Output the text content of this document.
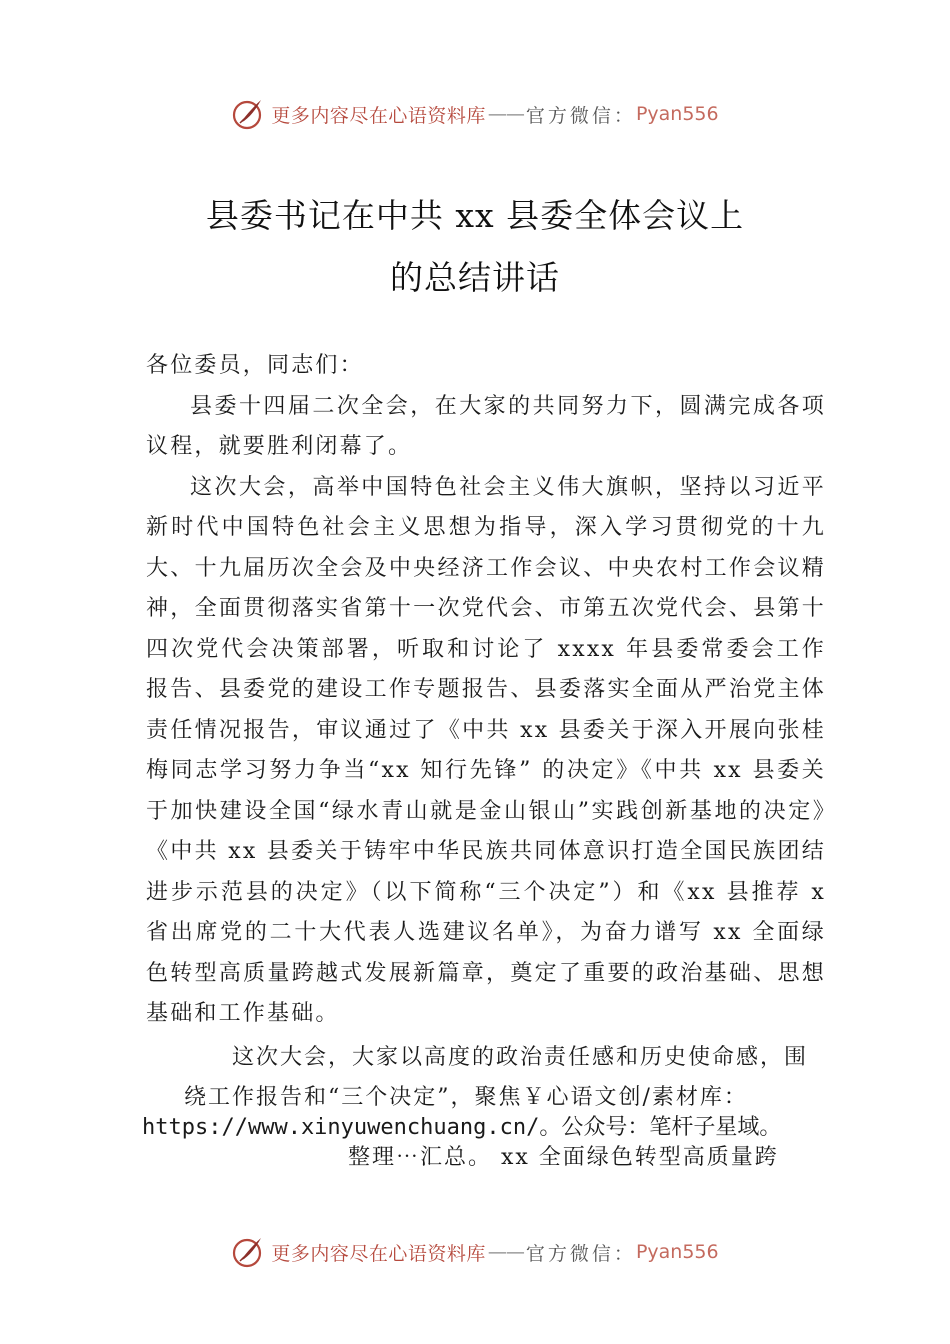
更多内容尽在心语资料库 —— 官方微信： Pyan556
县委书记在中共 xx 县委全体会议上
的总结讲话

各位委员，同志们：

县委十四届二次全会，在大家的共同努力下，圆满完成各项议程，就要胜利闭幕了。

这次大会，高举中国特色社会主义伟大旗帜，坚持以习近平新时代中国特色社会主义思想为指导，深入学习贯彻党的十九大、十九届历次全会及中央经济工作会议、中央农村工作会议精神，全面贯彻落实省第十一次党代会、市第五次党代会、县第十四次党代会决策部署，听取和讨论了 xxxx 年县委常委会工作报告、县委党的建设工作专题报告、县委落实全面从严治党主体责任情况报告，审议通过了《中共 xx 县委关于深入开展向张桂梅同志学习努力争当“xx 知行先锋” 的决定》《中共 xx 县委关于加快建设全国“绿水青山就是金山银山”实践创新基地的决定》《中共 xx 县委关于铸牢中华民族共同体意识打造全国民族团结进步示范县的决定》（以下简称“三个决定”）和《xx 县推荐 x 省出席党的二十大代表人选建议名单》，为奋力谱写 xx 全面绿色转型高质量跨越式发展新篇章，奠定了重要的政治基础、思想基础和工作基础。

这次大会，大家以高度的政治责任感和历史使命感，围
绕工作报告和“三个决定”，聚焦￥心语文创/素材库：
https://www.xinyuwenchuang.cn/。公众号：笔杆子星域。
整理⋯汇总。 xx 全面绿色转型高质量跨
更多内容尽在心语资料库 —— 官方微信： Pyan556
